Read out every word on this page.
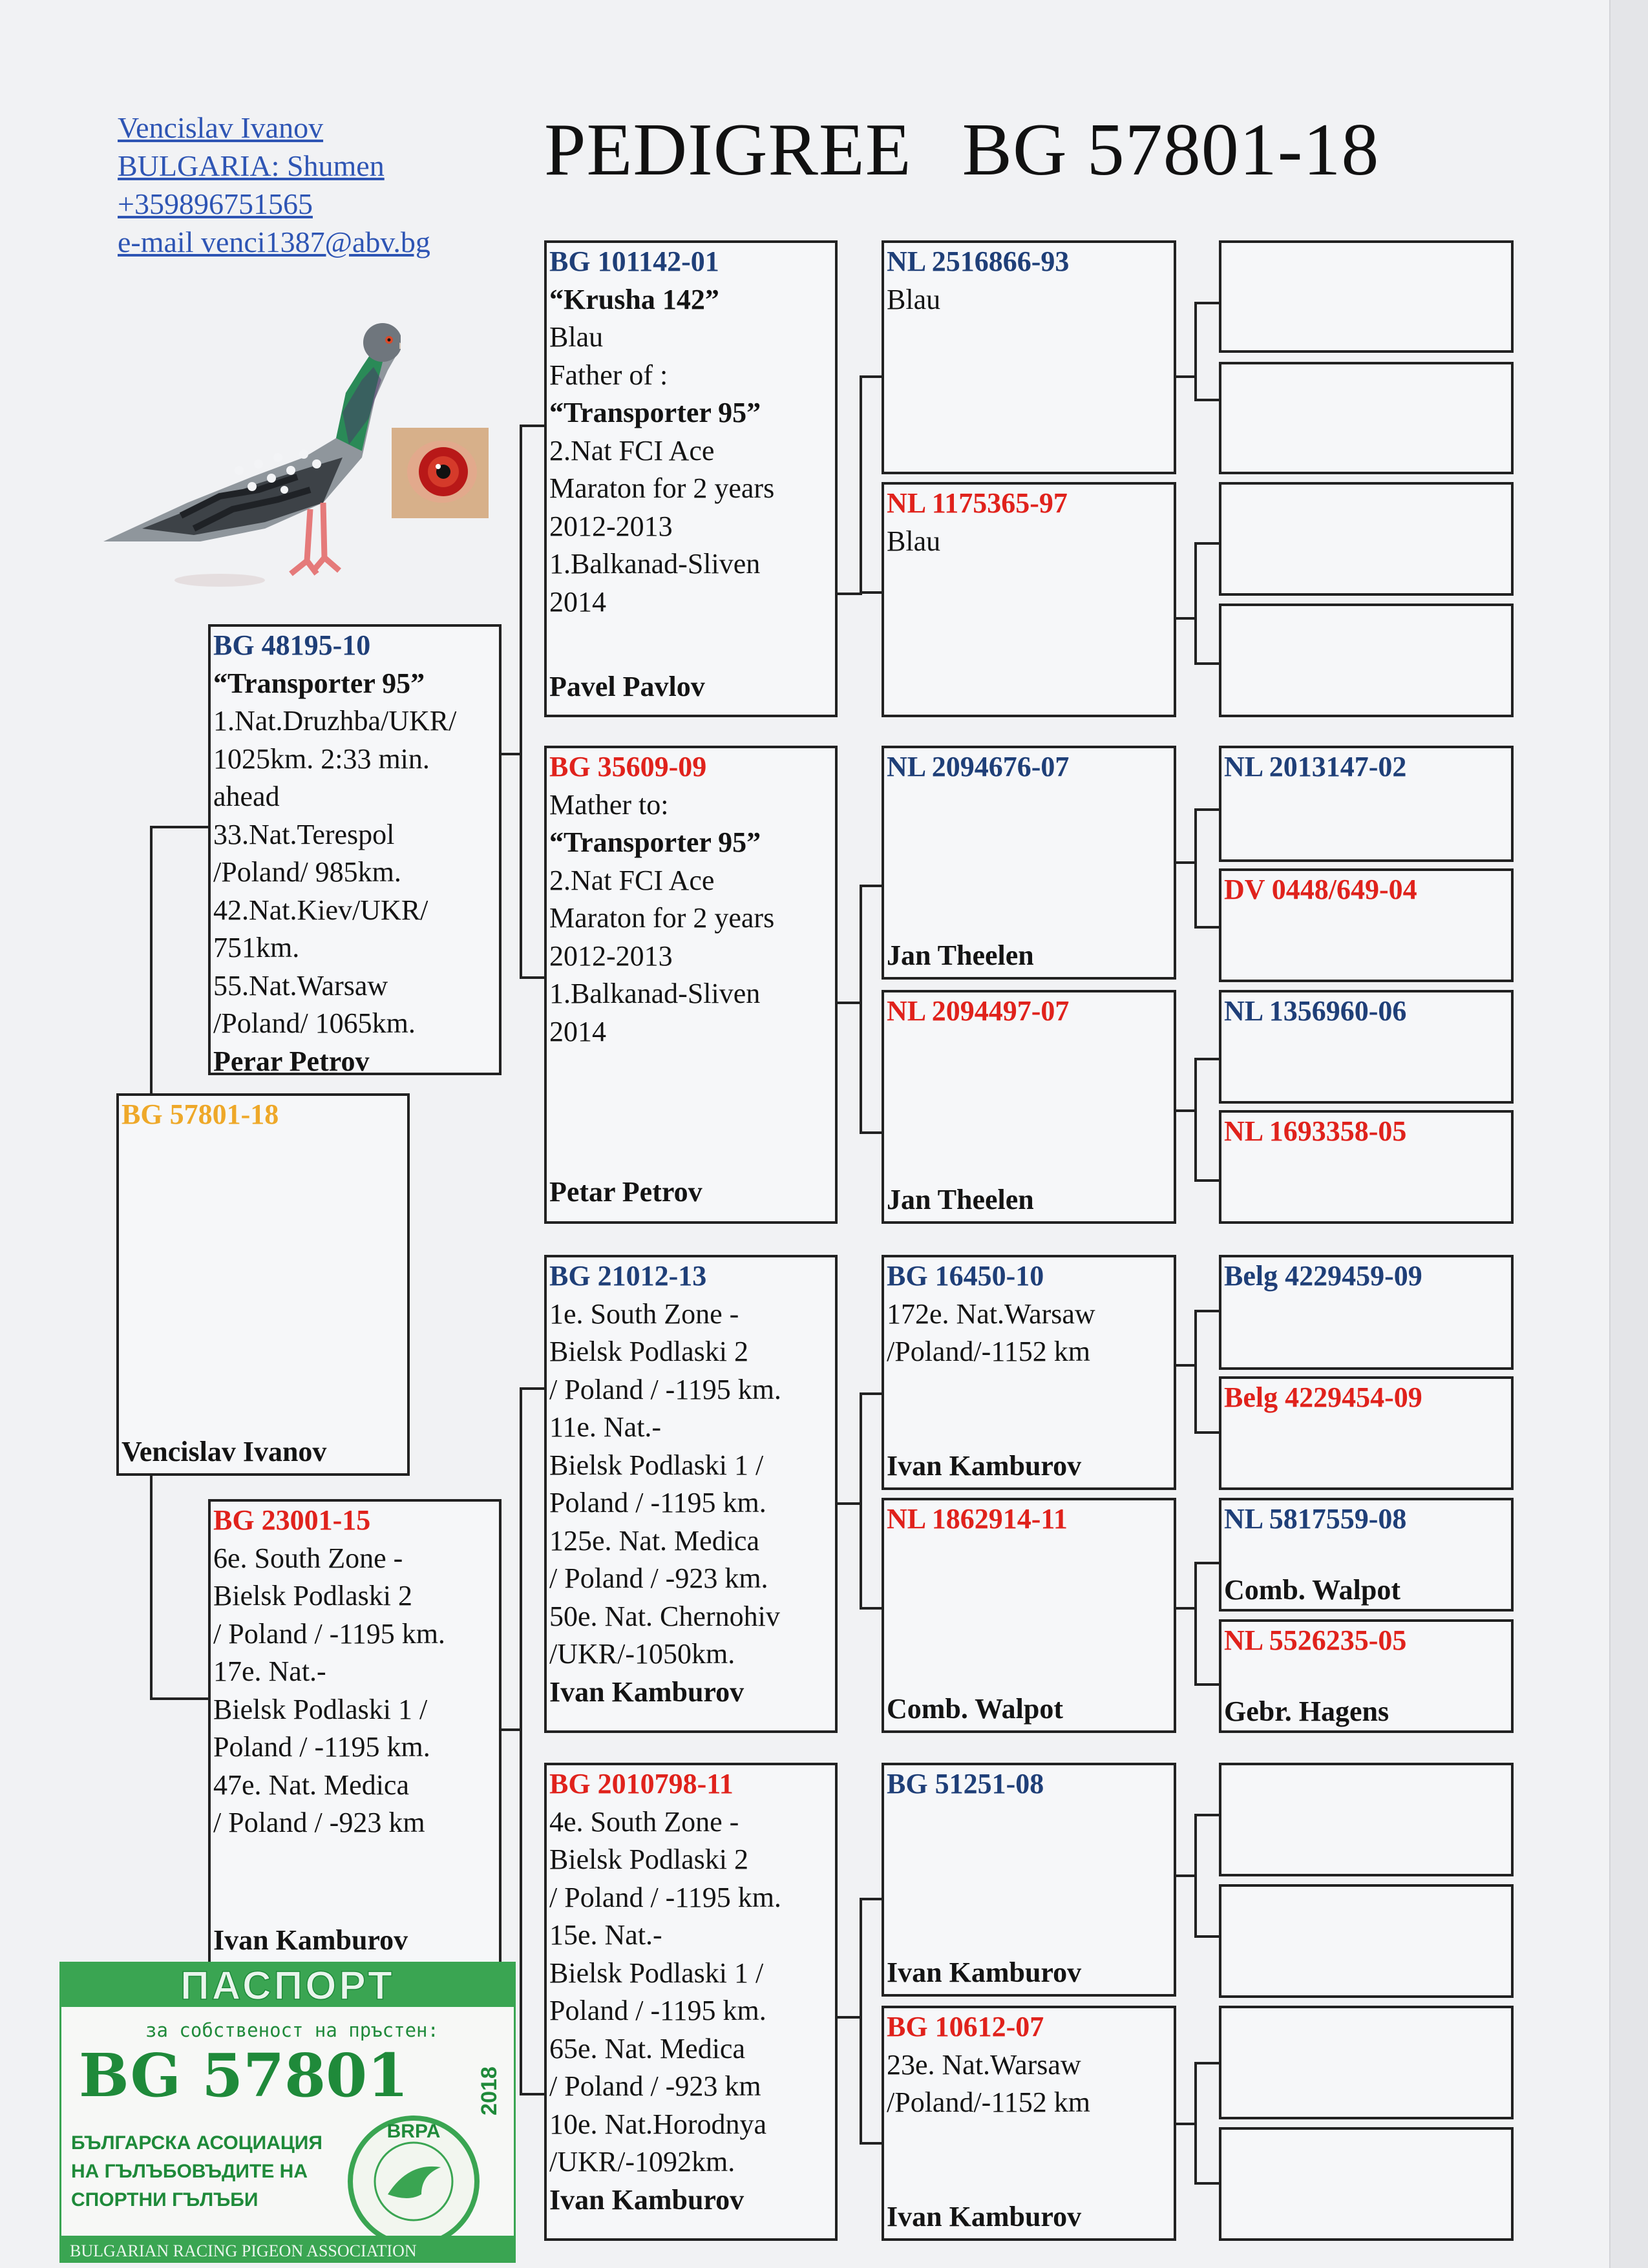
Vencislav Ivanov
BULGARIA: Shumen
+359896751565
e-mail venci1387@abv.bg
PEDIGREE BG 57801-18
BG 57801-18
Vencislav Ivanov
BG 48195-10
“Transporter 95”
1.Nat.Druzhba/UKR/
1025km. 2:33 min.
ahead
33.Nat.Terespol
/Poland/ 985km.
42.Nat.Kiev/UKR/
751km.
55.Nat.Warsaw
/Poland/ 1065km.
Perar Petrov
BG 23001-15
6e. South Zone -
Bielsk Podlaski 2
/ Poland / -1195 km.
17e. Nat.-
Bielsk Podlaski 1 /
Poland / -1195 km.
47e. Nat. Medica
/ Poland / -923 km
Ivan Kamburov
BG 101142-01
“Krusha 142”
Blau
Father of :
“Transporter 95”
2.Nat FCI Ace
Maraton for 2 years
2012-2013
1.Balkanad-Sliven
2014
Pavel Pavlov
BG 35609-09
Mather to:
“Transporter 95”
2.Nat FCI Ace
Maraton for 2 years
2012-2013
1.Balkanad-Sliven
2014
Petar Petrov
BG 21012-13
1e. South Zone -
Bielsk Podlaski 2
/ Poland / -1195 km.
11e. Nat.-
Bielsk Podlaski 1 /
Poland / -1195 km.
125e. Nat. Medica
/ Poland / -923 km.
50e. Nat. Chernohiv
/UKR/-1050km.
Ivan Kamburov
BG 2010798-11
4e. South Zone -
Bielsk Podlaski 2
/ Poland / -1195 km.
15e. Nat.-
Bielsk Podlaski 1 /
Poland / -1195 km.
65e. Nat. Medica
/ Poland / -923 km
10e. Nat.Horodnya
/UKR/-1092km.
Ivan Kamburov
NL 2516866-93
Blau
NL 1175365-97
Blau
NL 2094676-07
Jan Theelen
NL 2094497-07
Jan Theelen
BG 16450-10
172e. Nat.Warsaw
/Poland/-1152 km
Ivan Kamburov
NL 1862914-11
Comb. Walpot
BG 51251-08
Ivan Kamburov
BG 10612-07
23e. Nat.Warsaw
/Poland/-1152 km
Ivan Kamburov
NL 2013147-02
DV 0448/649-04
NL 1356960-06
NL 1693358-05
Belg 4229459-09
Belg 4229454-09
NL 5817559-08
Comb. Walpot
NL 5526235-05
Gebr. Hagens
ПАСПОРТ
за собственост на пръстен:
BG 57801	2018
БЪЛГАРСКА АСОЦИАЦИЯ
НА ГЪЛЪБОВЪДИТЕ НА
СПОРТНИ ГЪЛЪБИ
BRPA
BULGARIAN RACING PIGEON ASSOCIATION
